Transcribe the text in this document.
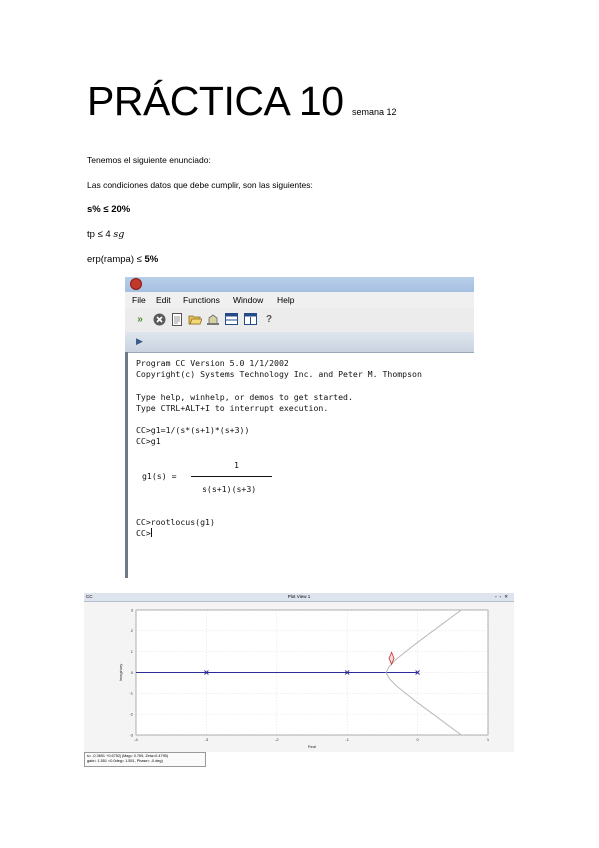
PRÁCTICA 10 semana 12
Tenemos el siguiente enunciado:
Las condiciones datos que debe cumplir, son las siguientes:
s% ≤ 20%
tp ≤ 4 sg
erp(rampa) ≤ 5%
File Edit Functions Window Help
»	?
▶
Program CC Version 5.0 1/1/2002
Copyright(c) Systems Technology Inc. and Peter M. Thompson
Type help, winhelp, or demos to get started.
Type CTRL+ALT+I to interrupt execution.
CC>g1=1/(s*(s+1)*(s+3))
CC>g1
g1(s) =
1
s(s+1)(s+3)
CC>rootlocus(g1)
CC>
CC	Plot View 1	▫▫✕
-4	-3	-2	-1	0	1
3
2
1
0
-1
-2
-3
Real
Imaginary
s= -0.3691 +0.6752j (Mag= 0.769, Zeta=0.4795)
gain= 1.551 <0.0deg= 1.551, Phase= -0.deg)
